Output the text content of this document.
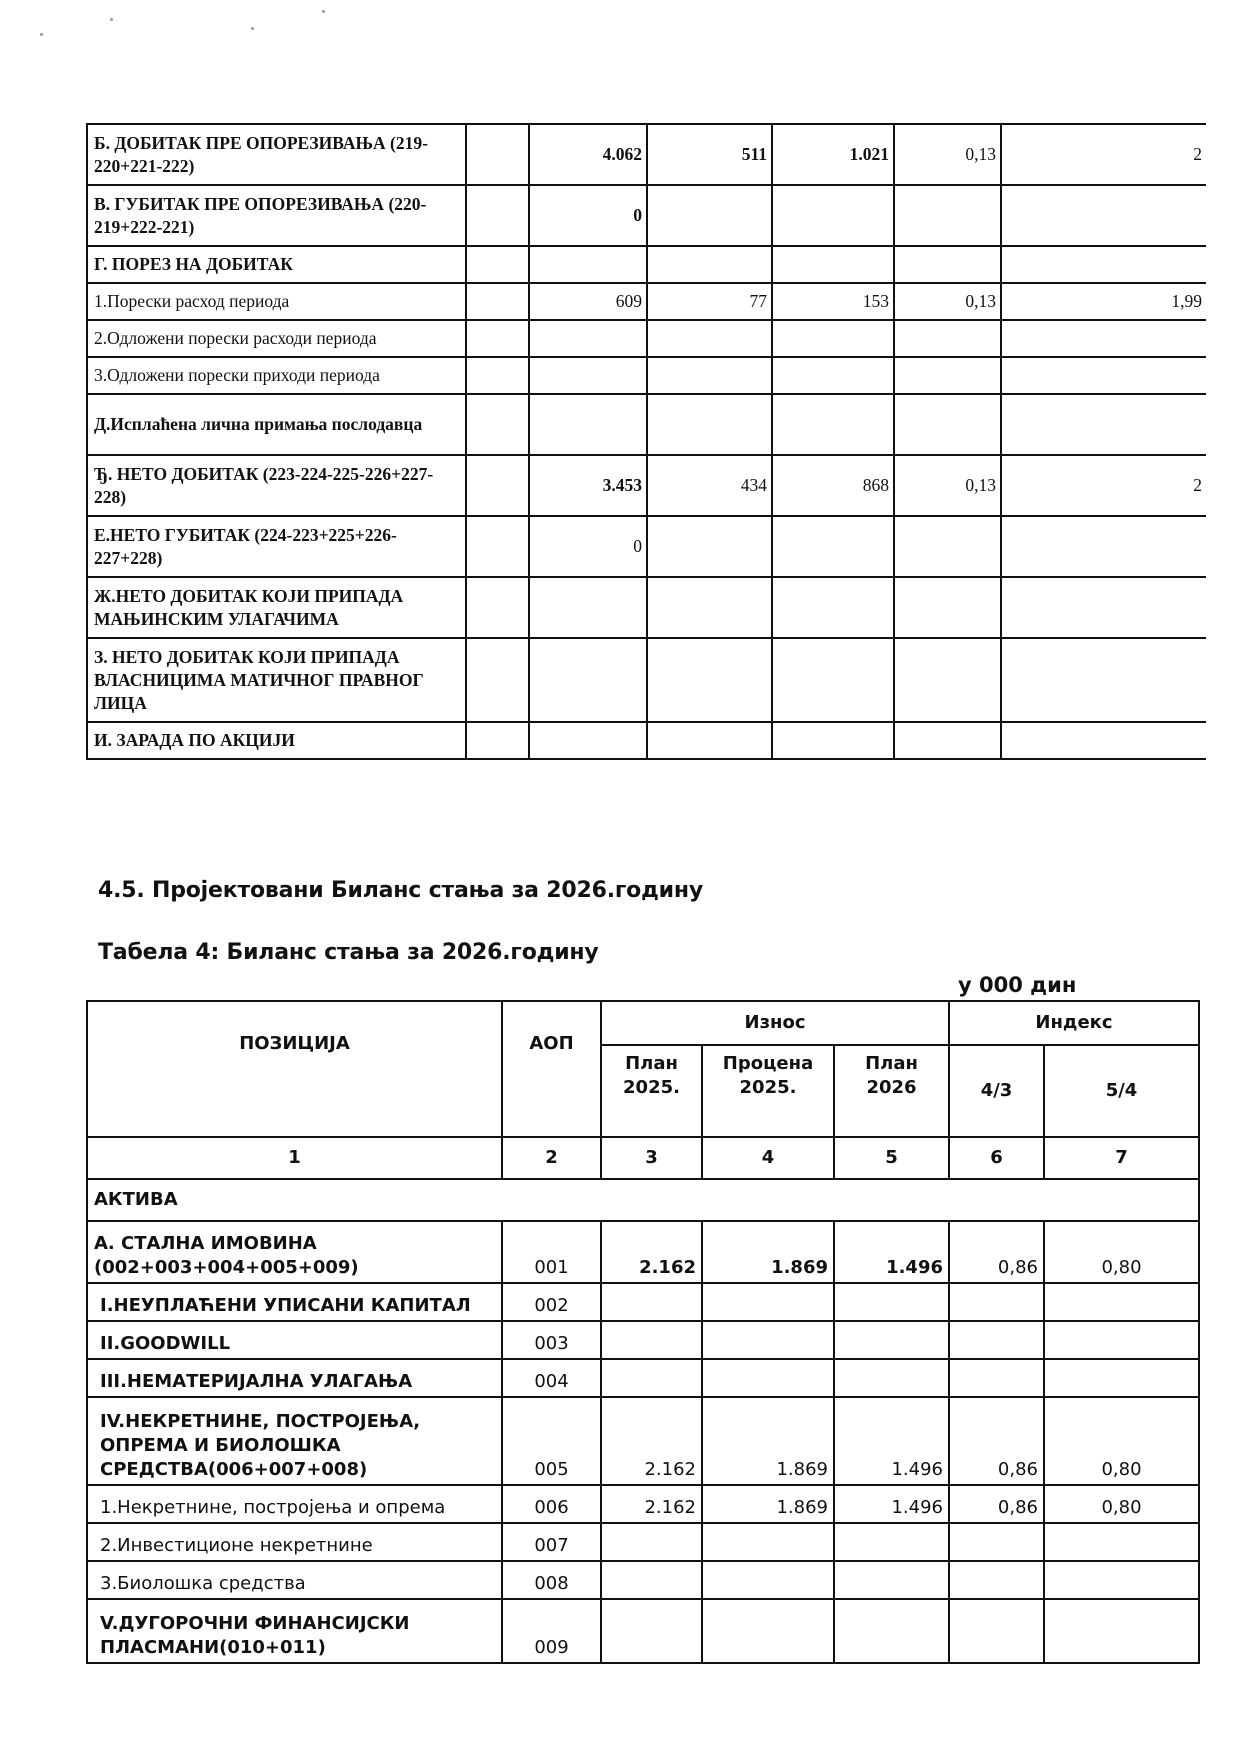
Б. ДОБИТАК ПРЕ ОПОРЕЗИВАЊА (219-220+221-222)		4.062	511	1.021	0,13	2
В. ГУБИТАК ПРЕ ОПОРЕЗИВАЊА (220-219+222-221)		0				
Г. ПОРЕЗ НА ДОБИТАК						
1.Порески расход периода		609	77	153	0,13	1,99
2.Одложени порески расходи периода						
3.Одложени порески приходи периода						
Д.Исплаћена лична примања послодавца						
Ђ. НЕТО ДОБИТАК (223-224-225-226+227-228)		3.453	434	868	0,13	2
Е.НЕТО ГУБИТАК (224-223+225+226-227+228)		0				
Ж.НЕТО ДОБИТАК КОЈИ ПРИПАДА МАЊИНСКИМ УЛАГАЧИМА						
З. НЕТО ДОБИТАК КОЈИ ПРИПАДА ВЛАСНИЦИМА МАТИЧНОГ ПРАВНОГ ЛИЦА						
И. ЗАРАДА ПО АКЦИЈИ						
4.5. Пројектовани Биланс стања за 2026.годину
Табела 4: Биланс стања за 2026.годину
у 000 дин
ПОЗИЦИЈА	АОП	Износ			Индекс	
		План 2025.	Процена 2025.	План 2026	4/3	5/4
1	2	3	4	5	6	7
АКТИВА						
А. СТАЛНА ИМОВИНА (002+003+004+005+009)	001	2.162	1.869	1.496	0,86	0,80
I.НЕУПЛАЋЕНИ УПИСАНИ КАПИТАЛ	002					
II.GOODWILL	003					
III.НЕМАТЕРИЈАЛНА УЛАГАЊА	004					
IV.НЕКРЕТНИНЕ, ПОСТРОЈЕЊА, ОПРЕМА И БИОЛОШКА СРЕДСТВА(006+007+008)	005	2.162	1.869	1.496	0,86	0,80
1.Некретнине, постројења и опрема	006	2.162	1.869	1.496	0,86	0,80
2.Инвестиционе некретнине	007					
3.Биолошка средства	008					
V.ДУГОРОЧНИ ФИНАНСИЈСКИ ПЛАСМАНИ(010+011)	009					
